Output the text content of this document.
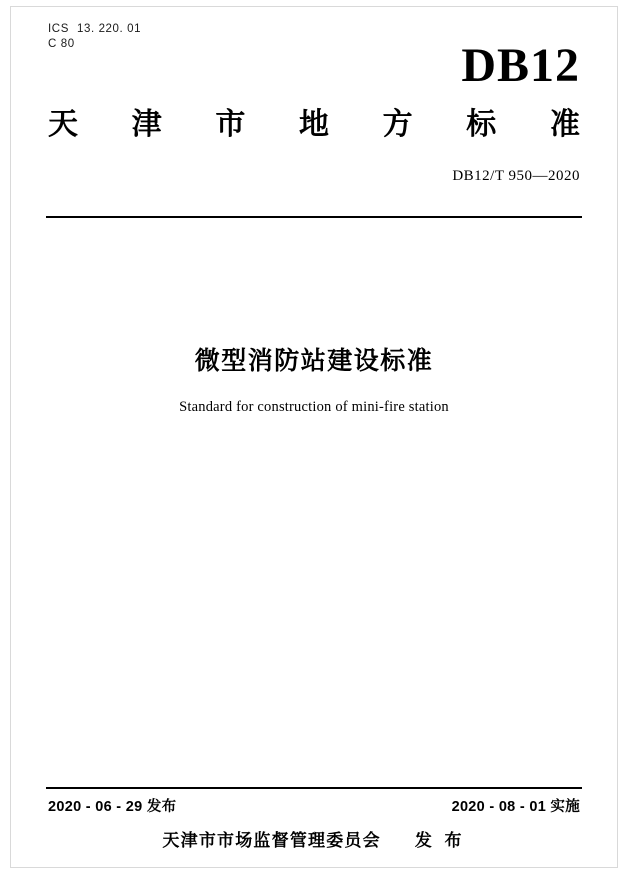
ICS 13. 220. 01
C 80	DB12
天 津 市 地 方 标 准
DB12/T 950—2020
微型消防站建设标准
Standard for construction of mini-fire station
2020 - 06 - 29 发布	2020 - 08 - 01 实施
天津市市场监督管理委员会 发 布
